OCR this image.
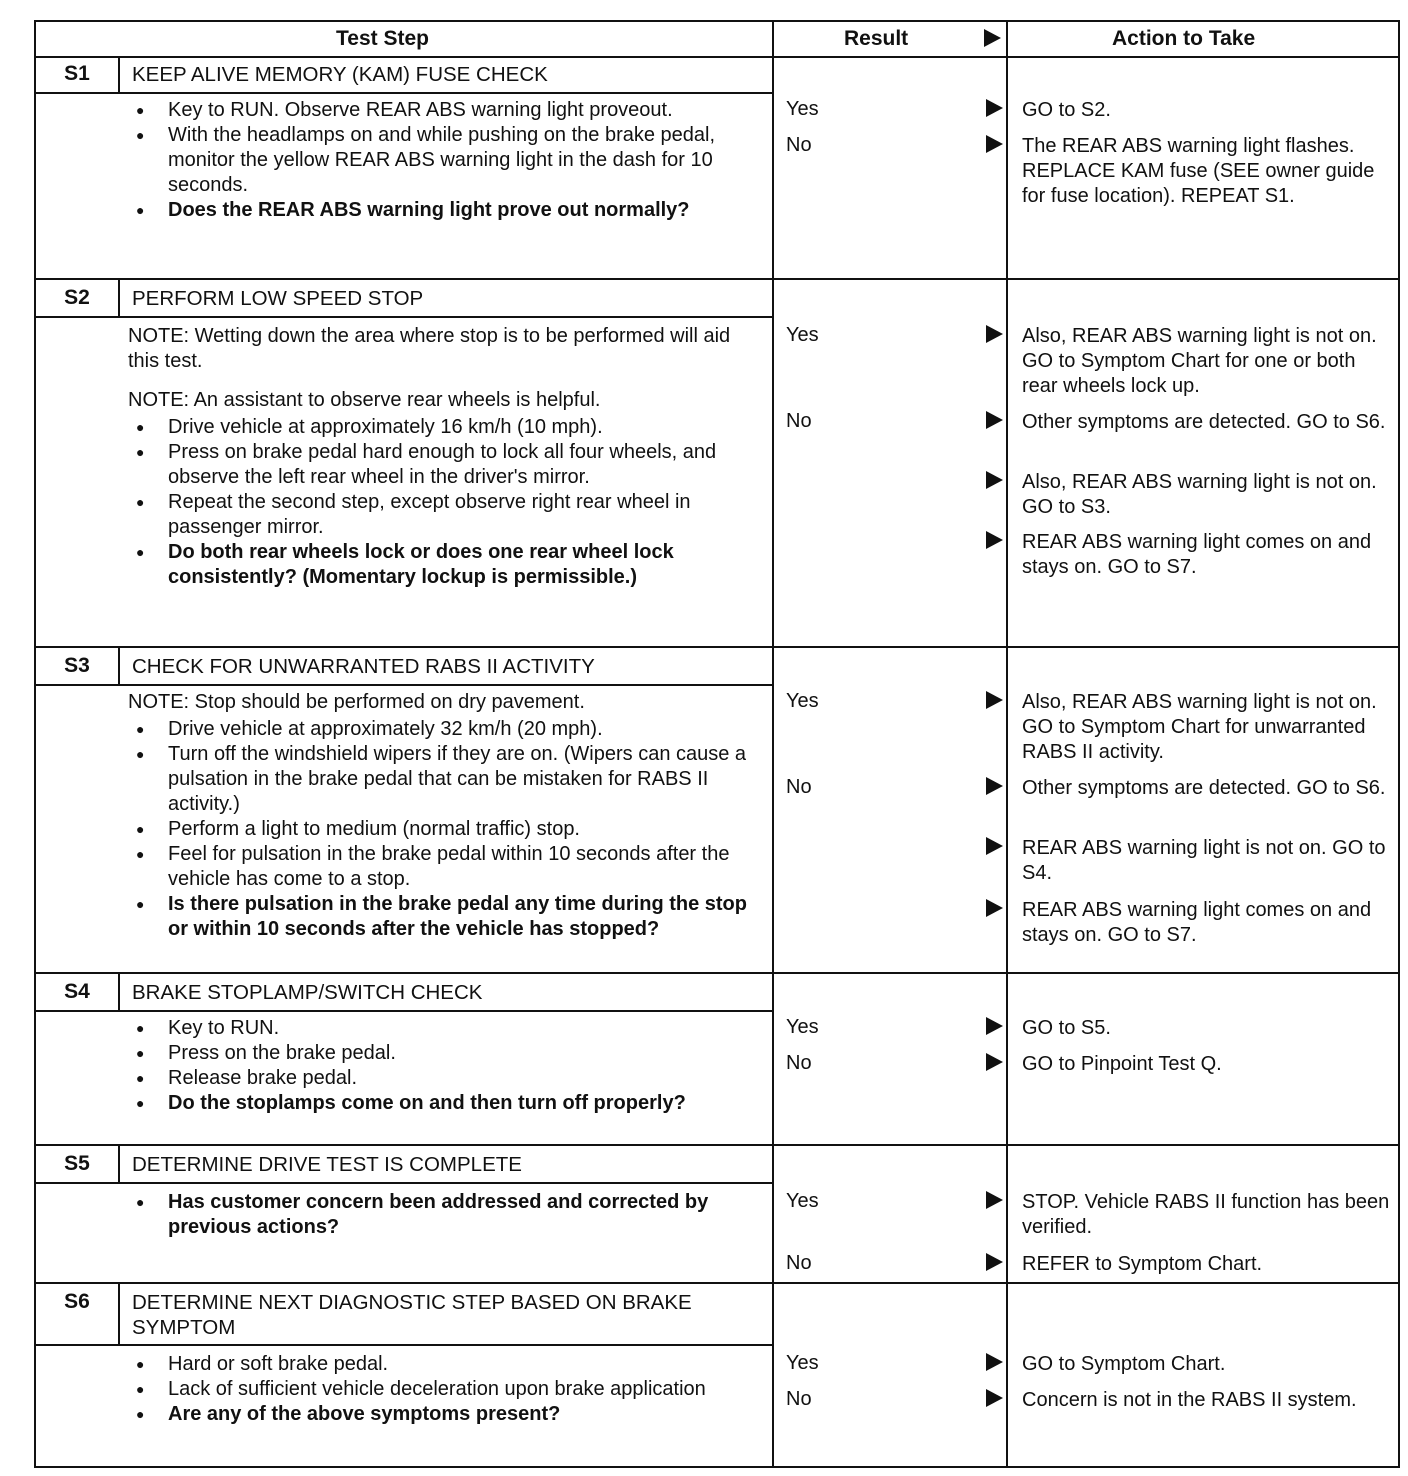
Test Step	Result	Action to Take
S1	KEEP ALIVE MEMORY (KAM) FUSE CHECK
● Key to RUN. Observe REAR ABS warning light proveout.
● With the headlamps on and while pushing on the brake pedal, monitor the yellow REAR ABS warning light in the dash for 10 seconds.
● Does the REAR ABS warning light prove out normally?
Yes	GO to S2.
No	The REAR ABS warning light flashes. REPLACE KAM fuse (SEE owner guide for fuse location). REPEAT S1.
S2	PERFORM LOW SPEED STOP
NOTE: Wetting down the area where stop is to be performed will aid this test.
NOTE: An assistant to observe rear wheels is helpful.
● Drive vehicle at approximately 16 km/h (10 mph).
● Press on brake pedal hard enough to lock all four wheels, and observe the left rear wheel in the driver's mirror.
● Repeat the second step, except observe right rear wheel in passenger mirror.
● Do both rear wheels lock or does one rear wheel lock consistently? (Momentary lockup is permissible.)
Yes	Also, REAR ABS warning light is not on. GO to Symptom Chart for one or both rear wheels lock up.
No	Other symptoms are detected. GO to S6.
Also, REAR ABS warning light is not on. GO to S3.
REAR ABS warning light comes on and stays on. GO to S7.
S3	CHECK FOR UNWARRANTED RABS II ACTIVITY
NOTE: Stop should be performed on dry pavement.
● Drive vehicle at approximately 32 km/h (20 mph).
● Turn off the windshield wipers if they are on. (Wipers can cause a pulsation in the brake pedal that can be mistaken for RABS II activity.)
● Perform a light to medium (normal traffic) stop.
● Feel for pulsation in the brake pedal within 10 seconds after the vehicle has come to a stop.
● Is there pulsation in the brake pedal any time during the stop or within 10 seconds after the vehicle has stopped?
Yes	Also, REAR ABS warning light is not on. GO to Symptom Chart for unwarranted RABS II activity.
No	Other symptoms are detected. GO to S6.
REAR ABS warning light is not on. GO to S4.
REAR ABS warning light comes on and stays on. GO to S7.
S4	BRAKE STOPLAMP/SWITCH CHECK
● Key to RUN.
● Press on the brake pedal.
● Release brake pedal.
● Do the stoplamps come on and then turn off properly?
Yes	GO to S5.
No	GO to Pinpoint Test Q.
S5	DETERMINE DRIVE TEST IS COMPLETE
● Has customer concern been addressed and corrected by previous actions?
Yes	STOP. Vehicle RABS II function has been verified.
No	REFER to Symptom Chart.
S6	DETERMINE NEXT DIAGNOSTIC STEP BASED ON BRAKE SYMPTOM
● Hard or soft brake pedal.
● Lack of sufficient vehicle deceleration upon brake application
● Are any of the above symptoms present?
Yes	GO to Symptom Chart.
No	Concern is not in the RABS II system.
